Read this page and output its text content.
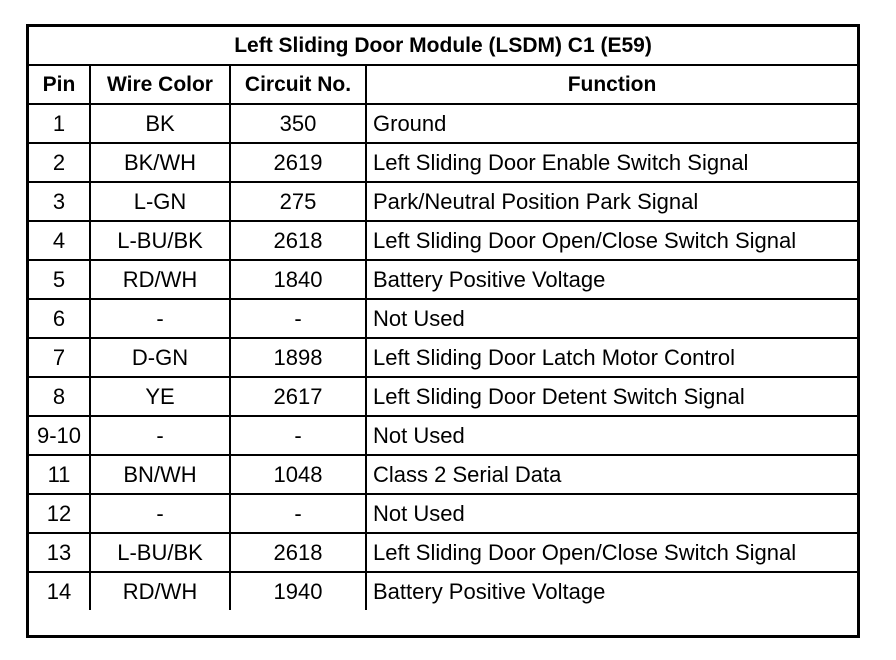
Left Sliding Door Module (LSDM) C1 (E59)			
Pin	Wire Color	Circuit No.	Function
1	BK	350	Ground
2	BK/WH	2619	Left Sliding Door Enable Switch Signal
3	L-GN	275	Park/Neutral Position Park Signal
4	L-BU/BK	2618	Left Sliding Door Open/Close Switch Signal
5	RD/WH	1840	Battery Positive Voltage
6	-	-	Not Used
7	D-GN	1898	Left Sliding Door Latch Motor Control
8	YE	2617	Left Sliding Door Detent Switch Signal
9-10	-	-	Not Used
11	BN/WH	1048	Class 2 Serial Data
12	-	-	Not Used
13	L-BU/BK	2618	Left Sliding Door Open/Close Switch Signal
14	RD/WH	1940	Battery Positive Voltage
